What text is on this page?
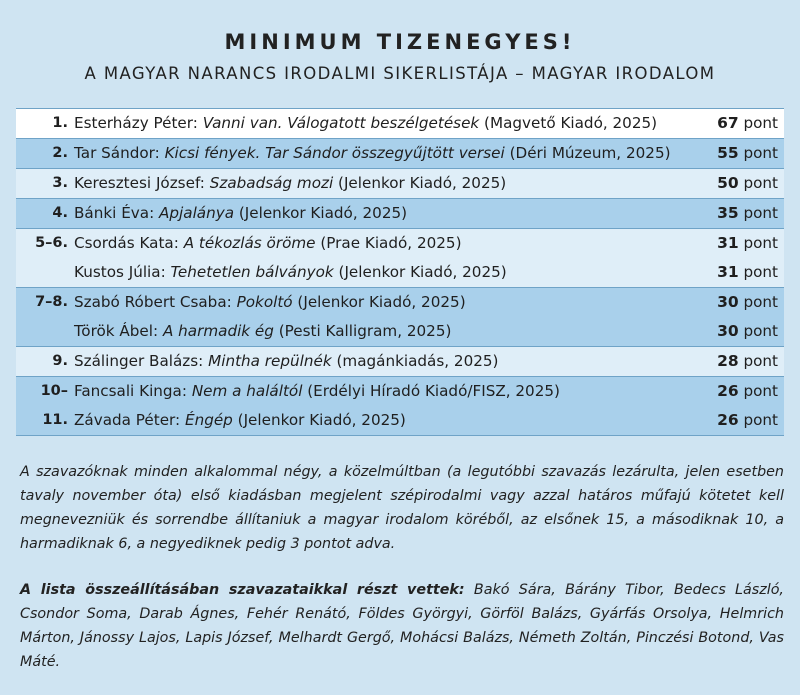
MINIMUM TIZENEGYES!
A MAGYAR NARANCS IRODALMI SIKERLISTÁJA – MAGYAR IRODALOM
1. Esterházy Péter: Vanni van. Válogatott beszélgetések (Magvető Kiadó, 2025)	67 pont
2. Tar Sándor: Kicsi fények. Tar Sándor összegyűjtött versei (Déri Múzeum, 2025)	55 pont
3. Keresztesi József: Szabadság mozi (Jelenkor Kiadó, 2025)	50 pont
4. Bánki Éva: Apjalánya (Jelenkor Kiadó, 2025)	35 pont
5–6. Csordás Kata: A tékozlás öröme (Prae Kiadó, 2025)	31 pont
Kustos Júlia: Tehetetlen bálványok (Jelenkor Kiadó, 2025)	31 pont
7–8. Szabó Róbert Csaba: Pokoltó (Jelenkor Kiadó, 2025)	30 pont
Török Ábel: A harmadik ég (Pesti Kalligram, 2025)	30 pont
9. Szálinger Balázs: Mintha repülnék (magánkiadás, 2025)	28 pont
10–11.
Fancsali Kinga: Nem a haláltól (Erdélyi Híradó Kiadó/FISZ, 2025)	26 pont
Závada Péter: Éngép (Jelenkor Kiadó, 2025)	26 pont
A szavazóknak minden alkalommal négy, a közelmúltban (a legutóbbi szavazás lezárulta, jelen esetben tavaly november óta) első kiadásban megjelent szépirodalmi vagy azzal határos műfajú kötetet kell megnevezniük és sorrendbe állítaniuk a magyar irodalom köréből, az elsőnek 15, a másodiknak 10, a harmadiknak 6, a negyediknek pedig 3 pontot adva.
A lista összeállításában szavazataikkal részt vettek: Bakó Sára, Bárány Tibor, Bedecs László, Csondor Soma, Darab Ágnes, Fehér Renátó, Földes Györgyi, Görföl Balázs, Gyárfás Orsolya, Helmrich Márton, Jánossy Lajos, Lapis József, Melhardt Gergő, Mohácsi Balázs, Németh Zoltán, Pinczési Botond, Vas Máté.
